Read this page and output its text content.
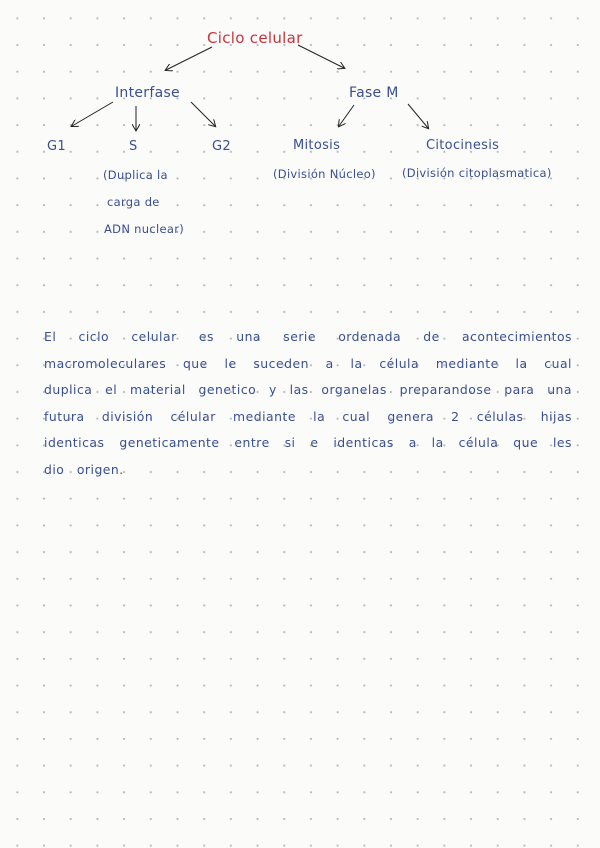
Ciclo celular
Interfase	Fase M
G1	S	G2	Mitosis	Citocinesis
(Duplica la
carga de
ADN nuclear)
(División Núcleo) (División citoplasmatica)
El ciclo celular es una serie ordenada de acontecimientos macromoleculares que le suceden a la célula mediante la cual duplica el material genetico y las organelas preparandose para una futura división célular mediante la cual genera 2 células hijas identicas geneticamente entre si e identicas a la célula que les dio origen.
